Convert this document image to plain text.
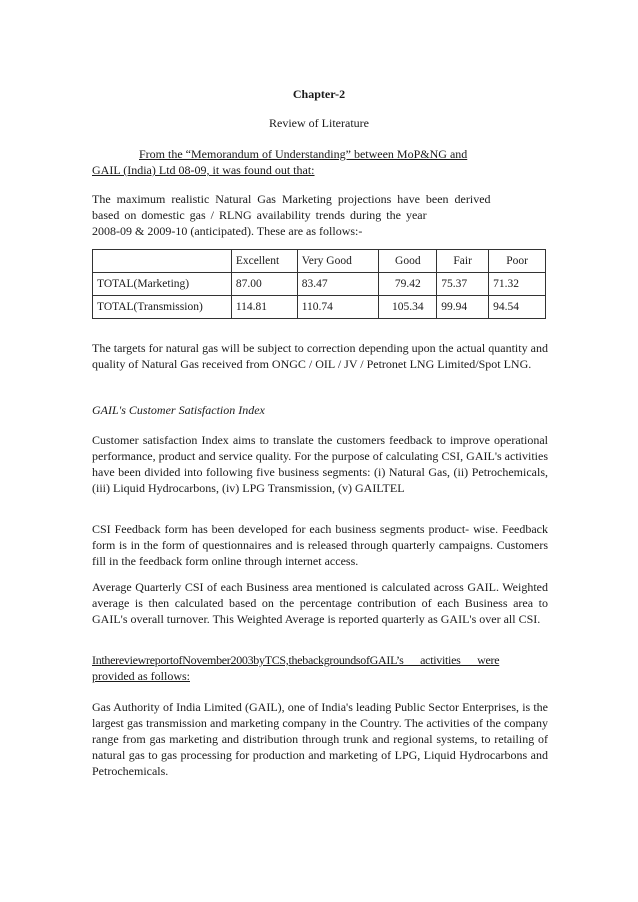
Chapter-2
Review of Literature
From the “Memorandum of Understanding” between MoP&NG and
GAIL (India) Ltd 08-09, it was found out that:
The maximum realistic Natural Gas Marketing projections have been derived
based on domestic gas / RLNG availability trends during the year
2008-09 & 2009-10 (anticipated). These are as follows:-
	Excellent	Very Good	Good	Fair	Poor
TOTAL(Marketing)	87.00	83.47	79.42	75.37	71.32
TOTAL(Transmission)	114.81	110.74	105.34	99.94	94.54
The targets for natural gas will be subject to correction depending upon the actual quantity and quality of Natural Gas received from ONGC / OIL / JV / Petronet LNG Limited/Spot LNG.
GAIL's Customer Satisfaction Index
Customer satisfaction Index aims to translate the customers feedback to improve operational performance, product and service quality. For the purpose of calculating CSI, GAIL's activities have been divided into following five business segments: (i) Natural Gas, (ii) Petrochemicals, (iii) Liquid Hydrocarbons, (iv) LPG Transmission, (v) GAILTEL
CSI Feedback form has been developed for each business segments product- wise. Feedback form is in the form of questionnaires and is released through quarterly campaigns. Customers fill in the feedback form online through internet access.
Average Quarterly CSI of each Business area mentioned is calculated across GAIL. Weighted average is then calculated based on the percentage contribution of each Business area to GAIL's overall turnover. This Weighted Average is reported quarterly as GAIL's over all CSI.
InthereviewreportofNovember2003byTCS,thebackgroundsofGAIL’s activities were
provided as follows:
Gas Authority of India Limited (GAIL), one of India's leading Public Sector Enterprises, is the largest gas transmission and marketing company in the Country. The activities of the company range from gas marketing and distribution through trunk and regional systems, to retailing of natural gas to gas processing for production and marketing of LPG, Liquid Hydrocarbons and Petrochemicals.
